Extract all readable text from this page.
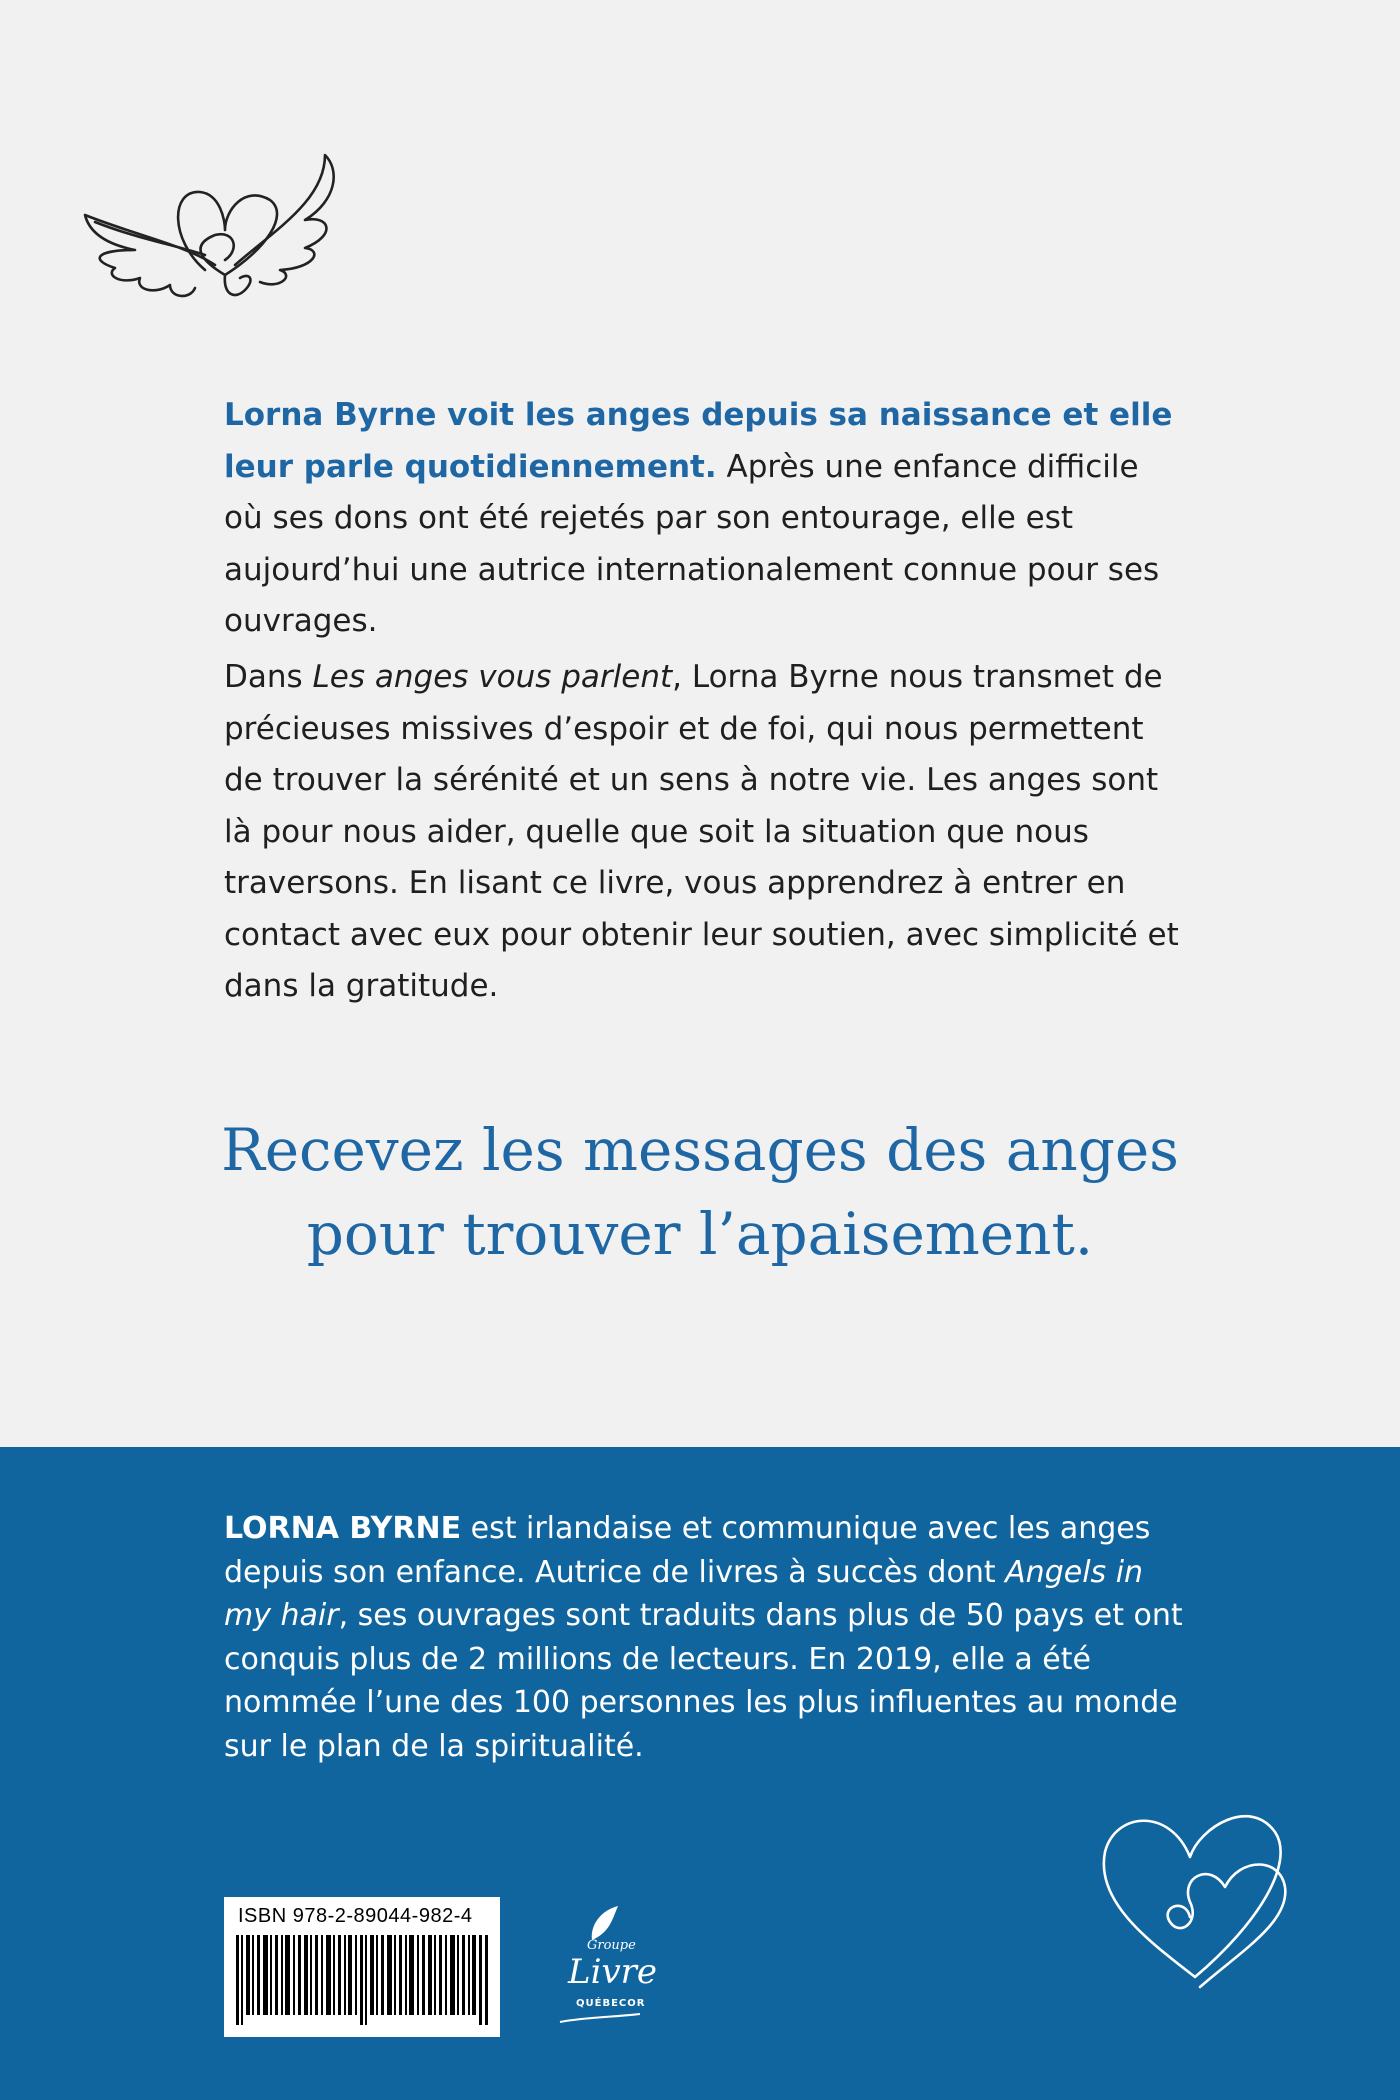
Lorna Byrne voit les anges depuis sa naissance et elle leur parle quotidiennement. Après une enfance difficile où ses dons ont été rejetés par son entourage, elle est aujourd’hui une autrice internationalement connue pour ses ouvrages.

Dans Les anges vous parlent, Lorna Byrne nous transmet de précieuses missives d’espoir et de foi, qui nous permettent de trouver la sérénité et un sens à notre vie. Les anges sont là pour nous aider, quelle que soit la situation que nous traversons. En lisant ce livre, vous apprendrez à entrer en contact avec eux pour obtenir leur soutien, avec simplicité et dans la gratitude.

Recevez les messages des anges
pour trouver l’apaisement.

LORNA BYRNE est irlandaise et communique avec les anges depuis son enfance. Autrice de livres à succès dont Angels in my hair, ses ouvrages sont traduits dans plus de 50 pays et ont conquis plus de 2 millions de lecteurs. En 2019, elle a été nommée l’une des 100 personnes les plus influentes au monde sur le plan de la spiritualité.

ISBN 978-2-89044-982-4
Groupe
Livre
QUÉBECOR
